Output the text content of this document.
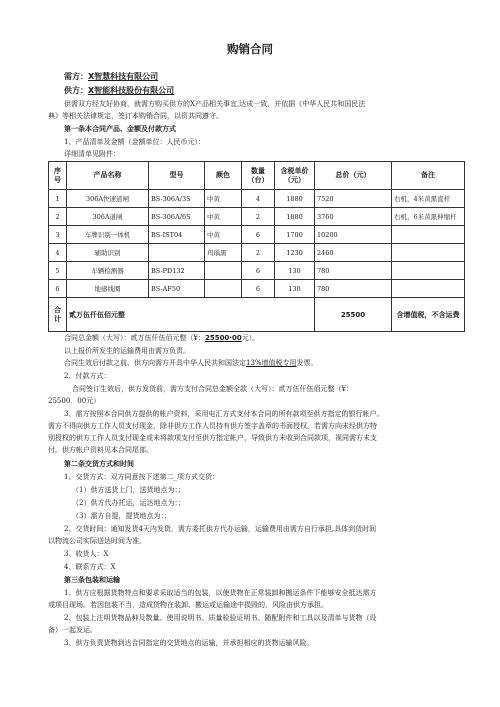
购销合同
需方：X智慧科技有限公司
供方：X智能科技股份有限公司
供需双方经友好协商，就需方购买供方的X产品相关事宜,达成一致，并依据《中华人民共和国民法
典》等相关法律规定，签订本购销合同，以资共同遵守。
第一条本合同产品、金额及付款方式
1、产品清单及金额（金额单位：人民币元）：
详细清单见附件：
序号	产品名称	型号	颜色	数量（台）	含税单价（元）	总价（元）	备注
1	306A快速道闸	BS-306A/3S	中黄	4	1880	7520	右机，4米黄黑直杆
2	306A道闸	BS-306A/6S	中黄	2	1880	3760	右机，6米黄黑伸缩杆
3	车牌识别一体机	BS-IST04	中黄	6	1700	10200	
4	辅助识别		玛瑙黑	2	1230	2460	
5	车辆检测器	BS-PD132		6	130	780	
6	地感线圈	BS-AF50		6	130	780	
合计	贰万伍仟伍佰元整					25500	含增值税，不含运费
合同总金额（大写）：贰万伍仟伍佰元整（¥：25500·00元）。
以上报价所发生的运输费用由需方负责。
合同生效后付款之前，供方向需方开具中华人民共和国法定13%增值税专用发票。
2、付款方式：
合同签订生效后，供方发货前，需方支付合同总金额全款（大写）：贰万伍仟伍佰元整（¥：
25500．00元）
3、需方按照本合同供方提供的帐户资料，采用电汇方式支付本合同的所有款项至供方指定的银行帐户。
需方不得向供方工作人员支付现金，除非供方工作人员持有供方签字盖章的书面授权。若需方向未经供方特
别授权的供方工作人员支付现金或未将款项支付至供方指定帐户，导致供方未收到合同款项，视同需方未支
付。供方帐户资料见本合同尾部。
第二条交货方式和时间
1、交货方式：双方同意按下述第二_项方式交货：
（1）供方送货上门，送货地点为：；
（2）供方代办托运，运达地点为：；
（3）需方自提，提货地点为：；
2、交货时间：通知发货4天内发货，需方委托供方代办运输，运输费用由需方自行承担,具体到货时间
以物流公司实际送达时间为准。
3、收货人：X
4、联系方式：X
第三条包装和运输
1、供方应根据货物特点和要求采取适当的包装，以使货物在正常装卸和搬运条件下能够安全抵达需方
或项目现场。若因包装不当，造成货物在装卸、搬运或运输途中损毁的，风险由供方承担。
2、包装上注明货物品种及数量。使用说明书、质量检验证明书、随配附件和工具以及清单与货物（设
备）一起发运。
3、供方负责货物到达合同指定的交货地点的运输，并承担相应的货物运输风险。
